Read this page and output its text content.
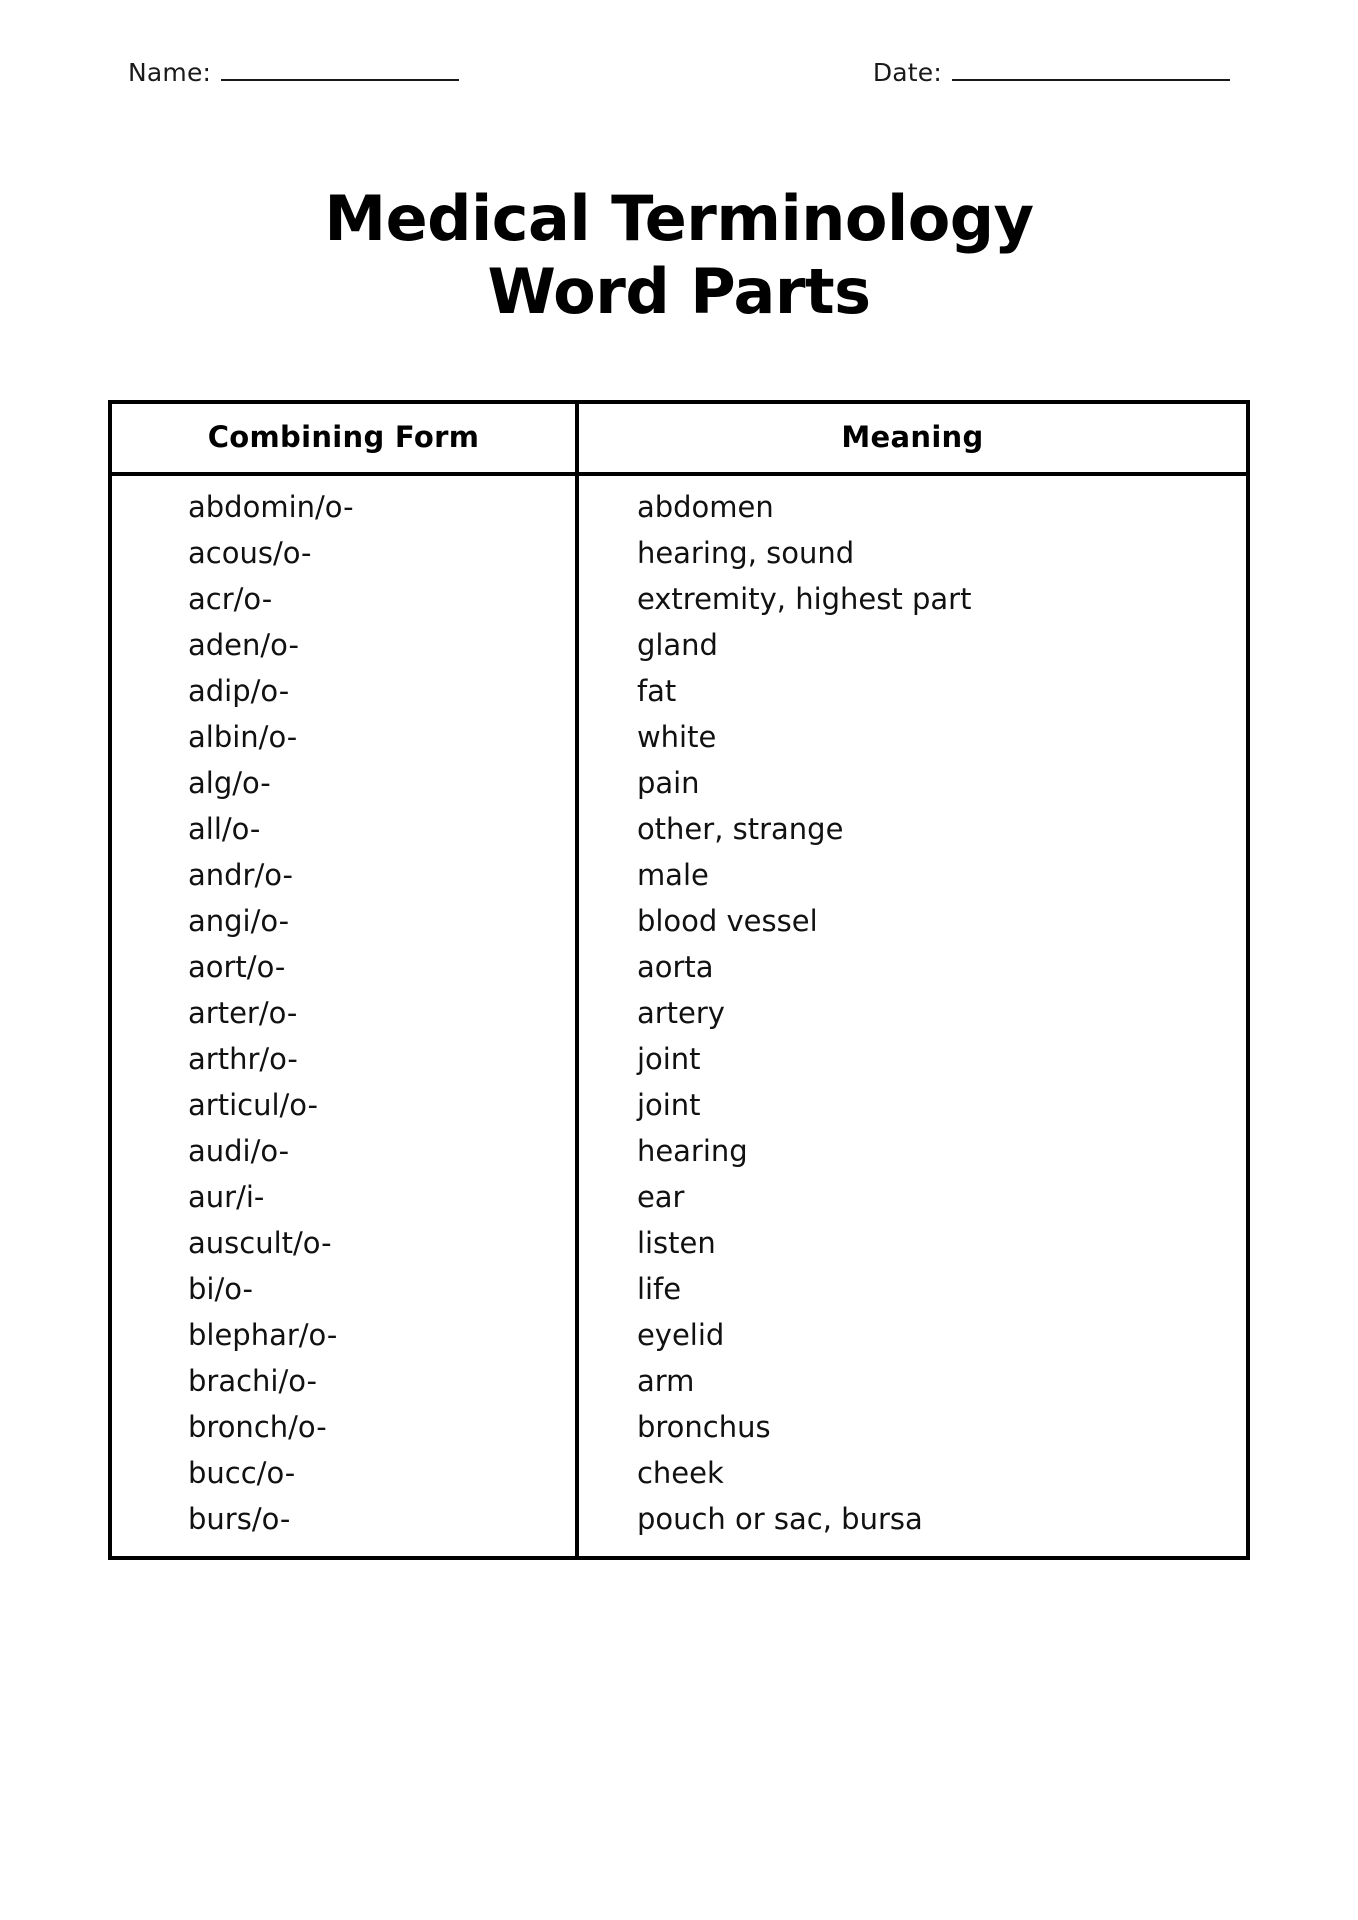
Name:	Date:
Medical Terminology
Word Parts
Combining Form	Meaning
abdomin/o-	abdomen
acous/o-	hearing, sound
acr/o-	extremity, highest part
aden/o-	gland
adip/o-	fat
albin/o-	white
alg/o-	pain
all/o-	other, strange
andr/o-	male
angi/o-	blood vessel
aort/o-	aorta
arter/o-	artery
arthr/o-	joint
articul/o-	joint
audi/o-	hearing
aur/i-	ear
auscult/o-	listen
bi/o-	life
blephar/o-	eyelid
brachi/o-	arm
bronch/o-	bronchus
bucc/o-	cheek
burs/o-	pouch or sac, bursa
